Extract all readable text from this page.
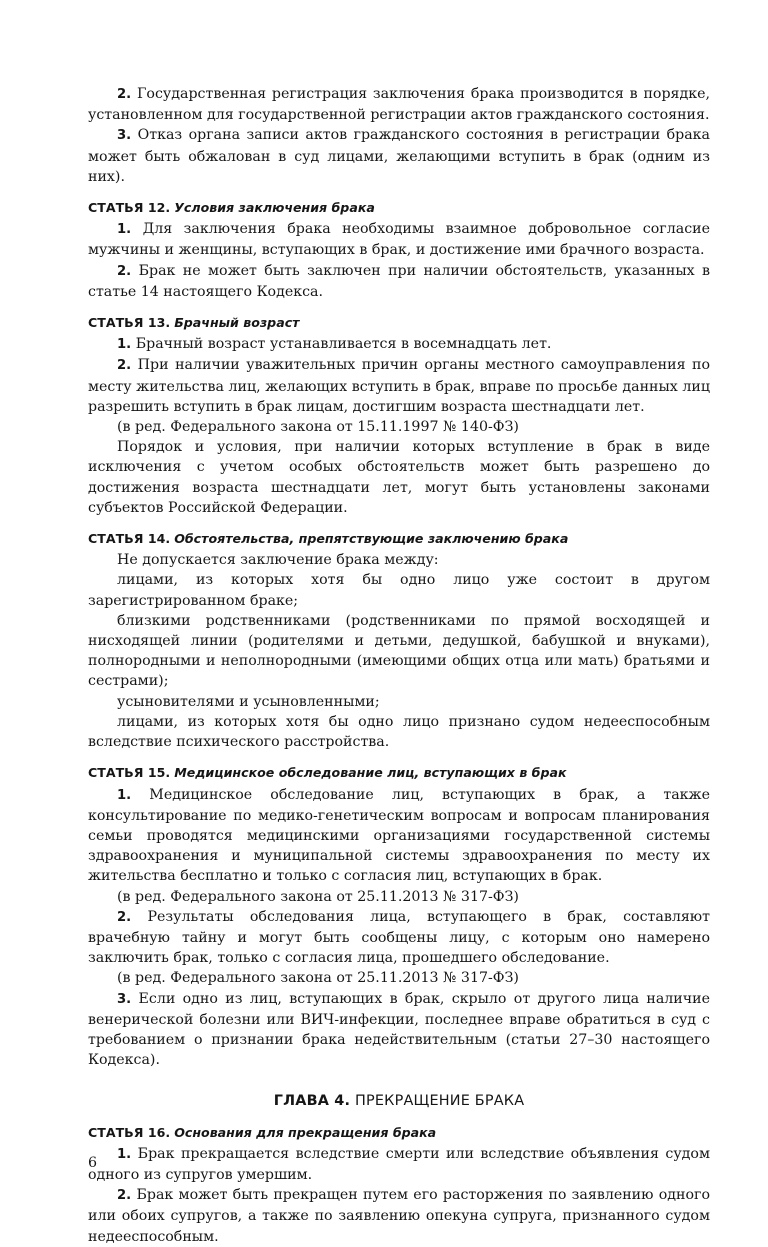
2. Государственная регистрация заключения брака производится в порядке, установленном для государственной регистрации актов гражданского состояния.

3. Отказ органа записи актов гражданского состояния в регистрации брака может быть обжалован в суд лицами, желающими вступить в брак (одним из них).

СТАТЬЯ 12. Условия заключения брака

1. Для заключения брака необходимы взаимное добровольное согласие мужчины и женщины, вступающих в брак, и достижение ими брачного возраста.

2. Брак не может быть заключен при наличии обстоятельств, указанных в статье 14 настоящего Кодекса.

СТАТЬЯ 13. Брачный возраст

1. Брачный возраст устанавливается в восемнадцать лет.

2. При наличии уважительных причин органы местного самоуправления по месту жительства лиц, желающих вступить в брак, вправе по просьбе данных лиц разрешить вступить в брак лицам, достигшим возраста шестнадцати лет.

(в ред. Федерального закона от 15.11.1997 № 140-ФЗ)

Порядок и условия, при наличии которых вступление в брак в виде исключения с учетом особых обстоятельств может быть разрешено до достижения возраста шестнадцати лет, могут быть установлены законами субъектов Российской Федерации.

СТАТЬЯ 14. Обстоятельства, препятствующие заключению брака

Не допускается заключение брака между:

лицами, из которых хотя бы одно лицо уже состоит в другом зарегистрированном браке;

близкими родственниками (родственниками по прямой восходящей и нисходящей линии (родителями и детьми, дедушкой, бабушкой и внуками), полнородными и неполнородными (имеющими общих отца или мать) братьями и сестрами);

усыновителями и усыновленными;

лицами, из которых хотя бы одно лицо признано судом недееспособным вследствие психического расстройства.

СТАТЬЯ 15. Медицинское обследование лиц, вступающих в брак

1. Медицинское обследование лиц, вступающих в брак, а также консультирование по медико-генетическим вопросам и вопросам планирования семьи проводятся медицинскими организациями государственной системы здравоохранения и муниципальной системы здравоохранения по месту их жительства бесплатно и только с согласия лиц, вступающих в брак.

(в ред. Федерального закона от 25.11.2013 № 317-ФЗ)

2. Результаты обследования лица, вступающего в брак, составляют врачебную тайну и могут быть сообщены лицу, с которым оно намерено заключить брак, только с согласия лица, прошедшего обследование.

(в ред. Федерального закона от 25.11.2013 № 317-ФЗ)

3. Если одно из лиц, вступающих в брак, скрыло от другого лица наличие венерической болезни или ВИЧ-инфекции, последнее вправе обратиться в суд с требованием о признании брака недействительным (статьи 27–30 настоящего Кодекса).

ГЛАВА 4. ПРЕКРАЩЕНИЕ БРАКА
СТАТЬЯ 16. Основания для прекращения брака

1. Брак прекращается вследствие смерти или вследствие объявления судом одного из супругов умершим.

2. Брак может быть прекращен путем его расторжения по заявлению одного или обоих супругов, а также по заявлению опекуна супруга, признанного судом недееспособным.

6
